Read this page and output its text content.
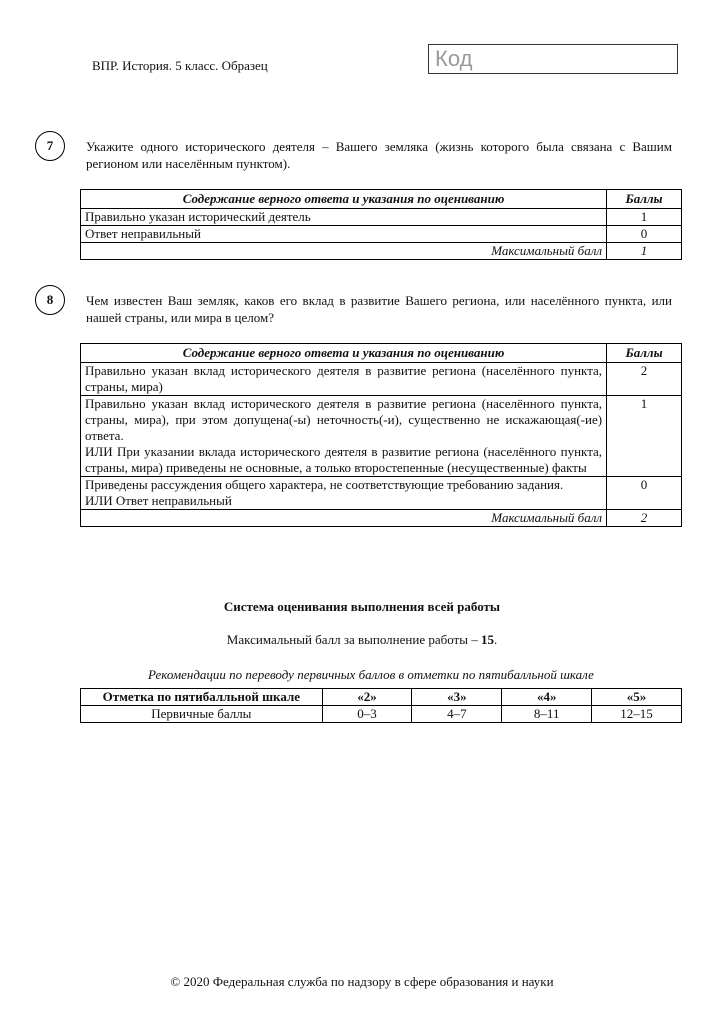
ВПР. История. 5 класс. Образец	Код
7	Укажите одного исторического деятеля – Вашего земляка (жизнь которого была связана с Вашим регионом или населённым пунктом).
Содержание верного ответа и указания по оцениванию	Баллы
Правильно указан исторический деятель	1
Ответ неправильный	0
Максимальный балл	1
8	Чем известен Ваш земляк, каков его вклад в развитие Вашего региона, или населённого пункта, или нашей страны, или мира в целом?
Содержание верного ответа и указания по оцениванию	Баллы
Правильно указан вклад исторического деятеля в развитие региона (населённого пункта, страны, мира)	2

Правильно указан вклад исторического деятеля в развитие региона (населённого пункта, страны, мира), при этом допущена(-ы) неточность(-и), существенно не искажающая(-ие) ответа.
ИЛИ При указании вклада исторического деятеля в развитие региона (населённого пункта, страны, мира) приведены не основные, а только второстепенные (несущественные) факты	1

Приведены рассуждения общего характера, не соответствующие требованию задания.
ИЛИ Ответ неправильный	0
Максимальный балл	2
Система оценивания выполнения всей работы
Максимальный балл за выполнение работы – 15.
Рекомендации по переводу первичных баллов в отметки по пятибалльной шкале
Отметка по пятибалльной шкале	«2»	«3»	«4»	«5»
Первичные баллы	0–3	4–7	8–11	12–15
© 2020 Федеральная служба по надзору в сфере образования и науки
